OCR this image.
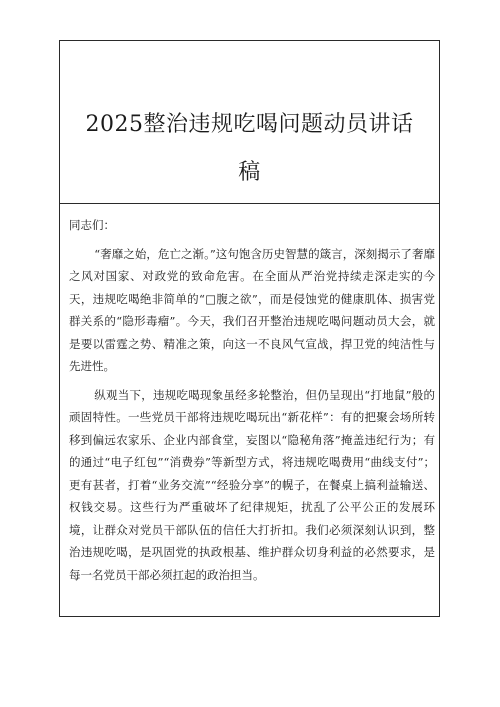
2025整治违规吃喝问题动员讲话
稿

同志们：

“奢靡之始，危亡之渐。”这句饱含历史智慧的箴言，深刻揭示了奢靡之风对国家、对政党的致命危害。在全面从严治党持续走深走实的今天，违规吃喝绝非简单的“□腹之欲”，而是侵蚀党的健康肌体、损害党群关系的“隐形毒瘤”。今天，我们召开整治违规吃喝问题动员大会，就是要以雷霆之势、精准之策，向这一不良风气宣战，捍卫党的纯洁性与先进性。

纵观当下，违规吃喝现象虽经多轮整治，但仍呈现出“打地鼠”般的顽固特性。一些党员干部将违规吃喝玩出“新花样”：有的把聚会场所转移到偏远农家乐、企业内部食堂，妄图以“隐秘角落”掩盖违纪行为；有的通过“电子红包”“消费券”等新型方式，将违规吃喝费用“曲线支付”；更有甚者，打着“业务交流”“经验分享”的幌子，在餐桌上搞利益输送、权钱交易。这些行为严重破坏了纪律规矩，扰乱了公平公正的发展环境，让群众对党员干部队伍的信任大打折扣。我们必须深刻认识到，整治违规吃喝，是巩固党的执政根基、维护群众切身利益的必然要求，是每一名党员干部必须扛起的政治担当。
